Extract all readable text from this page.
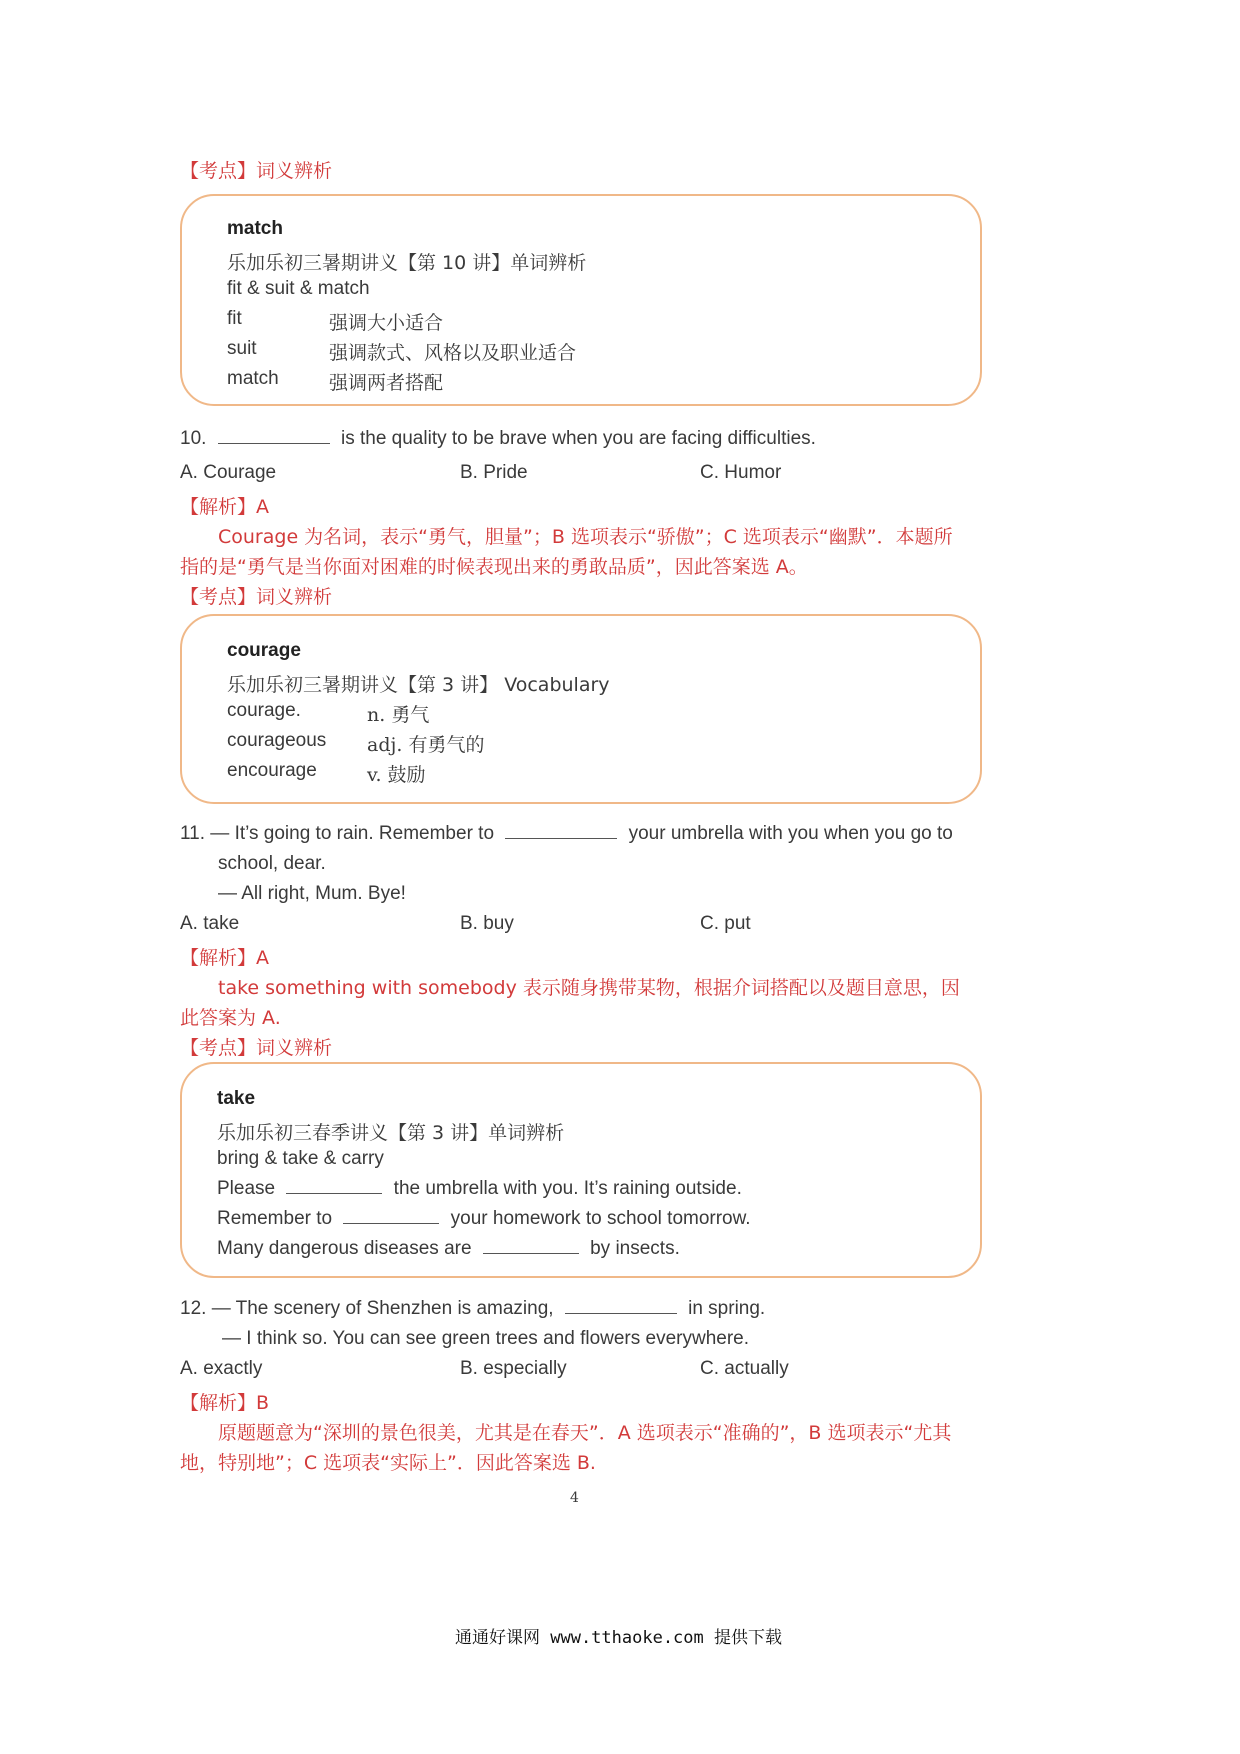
【考点】词义辨析
match
乐加乐初三暑期讲义【第 10 讲】单词辨析
fit & suit & match
fit	强调大小适合
suit	强调款式、风格以及职业适合
match	强调两者搭配
10.	is the quality to be brave when you are facing difficulties.
A. Courage	B. Pride	C. Humor
【解析】A
Courage 为名词，表示“勇气，胆量”；B 选项表示“骄傲”；C 选项表示“幽默”．本题所
指的是“勇气是当你面对困难的时候表现出来的勇敢品质”，因此答案选 A。
【考点】词义辨析
courage
乐加乐初三暑期讲义【第 3 讲】 Vocabulary
courage.	n. 勇气
courageous adj. 有勇气的
encourage	v. 鼓励
11. — It’s going to rain. Remember to	your umbrella with you when you go to
school, dear.
— All right, Mum. Bye!
A. take	B. buy	C. put
【解析】A
take something with somebody 表示随身携带某物，根据介词搭配以及题目意思，因
此答案为 A.
【考点】词义辨析
take
乐加乐初三春季讲义【第 3 讲】单词辨析
bring & take & carry
Please	the umbrella with you. It’s raining outside.
Remember to	your homework to school tomorrow.
Many dangerous diseases are	by insects.
12. — The scenery of Shenzhen is amazing,	in spring.
— I think so. You can see green trees and flowers everywhere.
A. exactly	B. especially	C. actually
【解析】B
原题题意为“深圳的景色很美，尤其是在春天”．A 选项表示“准确的”，B 选项表示“尤其
地，特别地”；C 选项表“实际上”．因此答案选 B.
4
通通好课网 www.tthaoke.com 提供下载
